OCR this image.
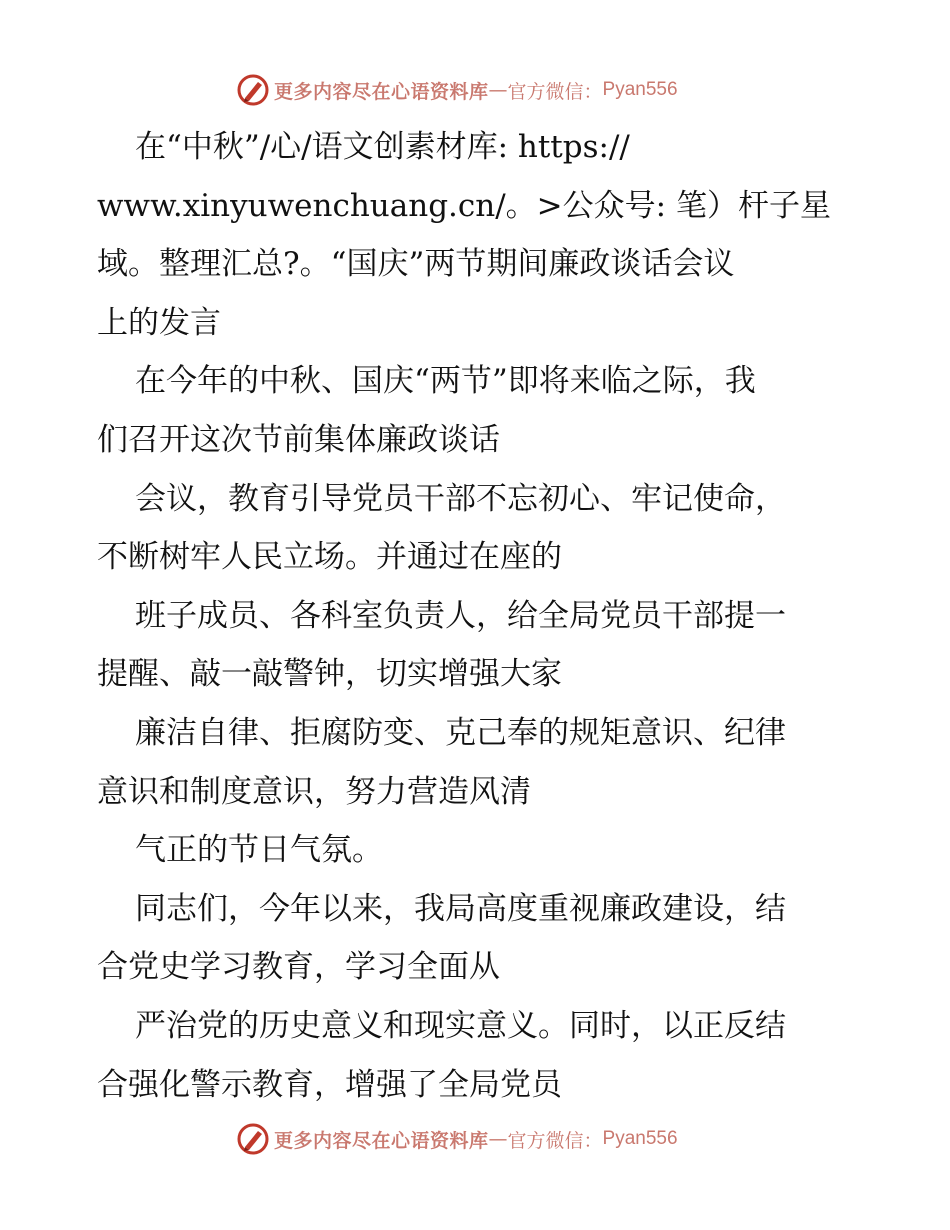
更多内容尽在心语资料库 — 官方微信： Pyan556
在“中秋”/心/语文创素材库: https://
www.xinyuwenchuang.cn/。>公众号: 笔）杆子星
域。整理汇总?。“国庆”两节期间廉政谈话会议
上的发言
在今年的中秋、国庆“两节”即将来临之际，我
们召开这次节前集体廉政谈话
会议，教育引导党员干部不忘初心、牢记使命，
不断树牢人民立场。并通过在座的
班子成员、各科室负责人，给全局党员干部提一
提醒、敲一敲警钟，切实增强大家
廉洁自律、拒腐防变、克己奉的规矩意识、纪律
意识和制度意识，努力营造风清
气正的节日气氛。
同志们，今年以来，我局高度重视廉政建设，结
合党史学习教育，学习全面从
严治党的历史意义和现实意义。同时，以正反结
合强化警示教育，增强了全局党员
更多内容尽在心语资料库 — 官方微信： Pyan556
